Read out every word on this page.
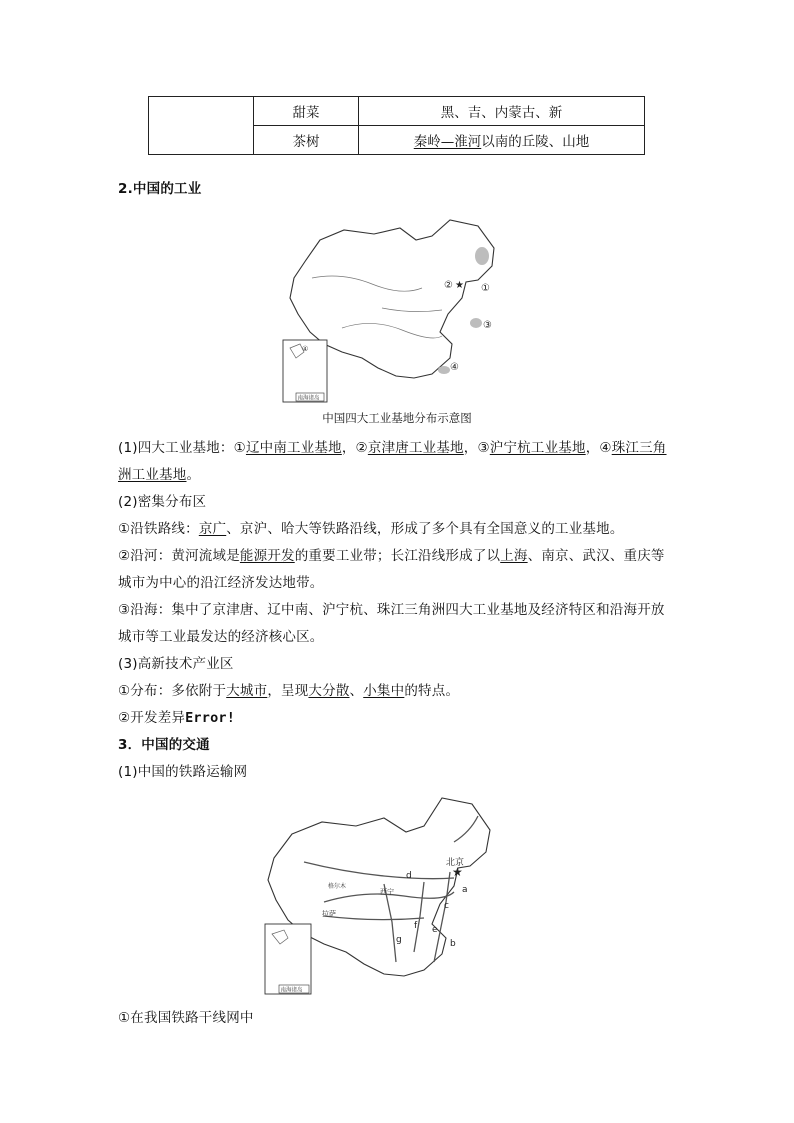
	甜菜	黑、吉、内蒙古、新
	茶树	秦岭—淮河以南的丘陵、山地
2.中国的工业
★
②	①
③
④
④
南海诸岛
中国四大工业基地分布示意图
(1)四大工业基地：①辽中南工业基地，②京津唐工业基地，③沪宁杭工业基地，④珠江三角
洲工业基地。
(2)密集分布区
①沿铁路线：京广、京沪、哈大等铁路沿线，形成了多个具有全国意义的工业基地。
②沿河：黄河流域是能源开发的重要工业带；长江沿线形成了以上海、南京、武汉、重庆等
城市为中心的沿江经济发达地带。
③沿海：集中了京津唐、辽中南、沪宁杭、珠江三角洲四大工业基地及经济特区和沿海开放
城市等工业最发达的经济核心区。
(3)高新技术产业区
①分布：多依附于大城市，呈现大分散、小集中的特点。
②开发差异Error!
3．中国的交通
(1)中国的铁路运输网
★
北京
格尔木
西宁
拉萨
a
b
c
d
e
f
g
南海诸岛
①在我国铁路干线网中
